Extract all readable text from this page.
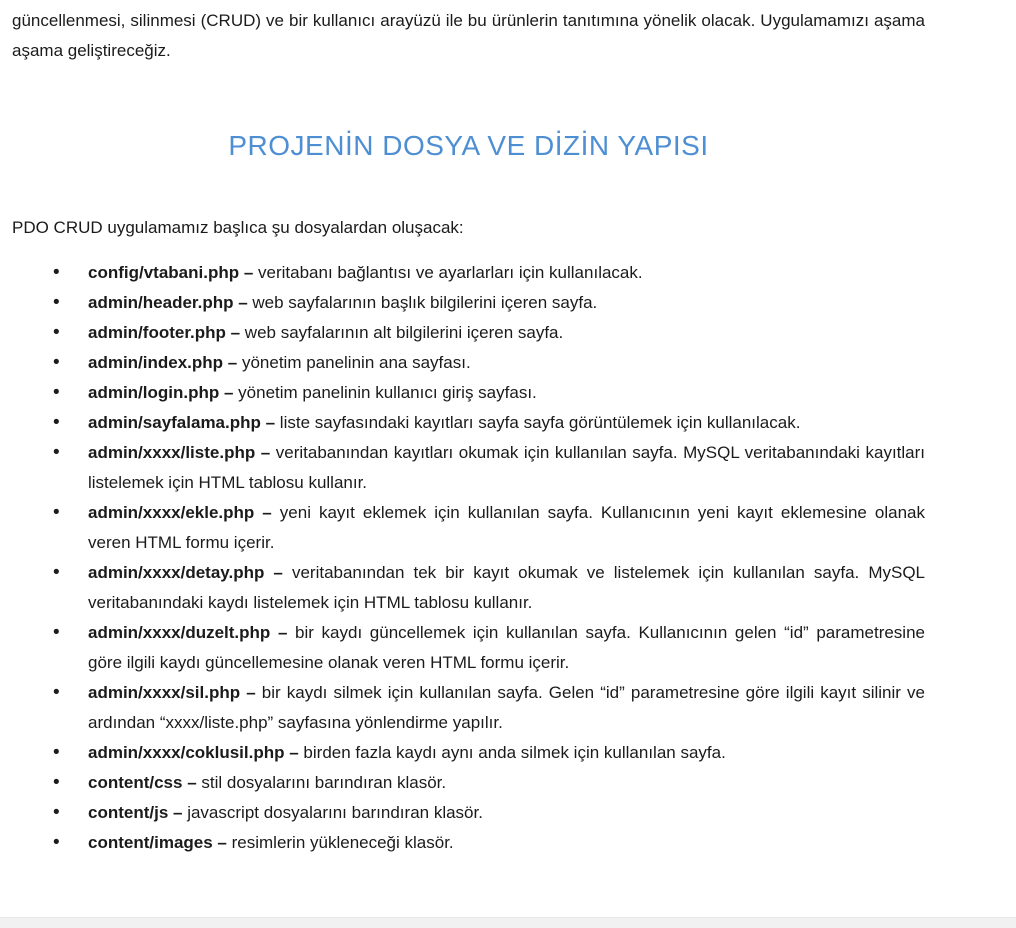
güncellenmesi, silinmesi (CRUD) ve bir kullanıcı arayüzü ile bu ürünlerin tanıtımına yönelik olacak. Uygulamamızı aşama aşama geliştireceğiz.

PROJENİN DOSYA VE DİZİN YAPISI

PDO CRUD uygulamamız başlıca şu dosyalardan oluşacak:

• config/vtabani.php – veritabanı bağlantısı ve ayarlarları için kullanılacak.
• admin/header.php – web sayfalarının başlık bilgilerini içeren sayfa.
• admin/footer.php – web sayfalarının alt bilgilerini içeren sayfa.
• admin/index.php – yönetim panelinin ana sayfası.
• admin/login.php – yönetim panelinin kullanıcı giriş sayfası.
• admin/sayfalama.php – liste sayfasındaki kayıtları sayfa sayfa görüntülemek için kullanılacak.
• admin/xxxx/liste.php – veritabanından kayıtları okumak için kullanılan sayfa. MySQL veritabanındaki kayıtları listelemek için HTML tablosu kullanır.
• admin/xxxx/ekle.php – yeni kayıt eklemek için kullanılan sayfa. Kullanıcının yeni kayıt eklemesine olanak veren HTML formu içerir.
• admin/xxxx/detay.php – veritabanından tek bir kayıt okumak ve listelemek için kullanılan sayfa. MySQL veritabanındaki kaydı listelemek için HTML tablosu kullanır.
• admin/xxxx/duzelt.php – bir kaydı güncellemek için kullanılan sayfa. Kullanıcının gelen “id” parametresine göre ilgili kaydı güncellemesine olanak veren HTML formu içerir.
• admin/xxxx/sil.php – bir kaydı silmek için kullanılan sayfa. Gelen “id” parametresine göre ilgili kayıt silinir ve ardından “xxxx/liste.php” sayfasına yönlendirme yapılır.
• admin/xxxx/coklusil.php – birden fazla kaydı aynı anda silmek için kullanılan sayfa.
• content/css – stil dosyalarını barındıran klasör.
• content/js – javascript dosyalarını barındıran klasör.
• content/images – resimlerin yükleneceği klasör.
